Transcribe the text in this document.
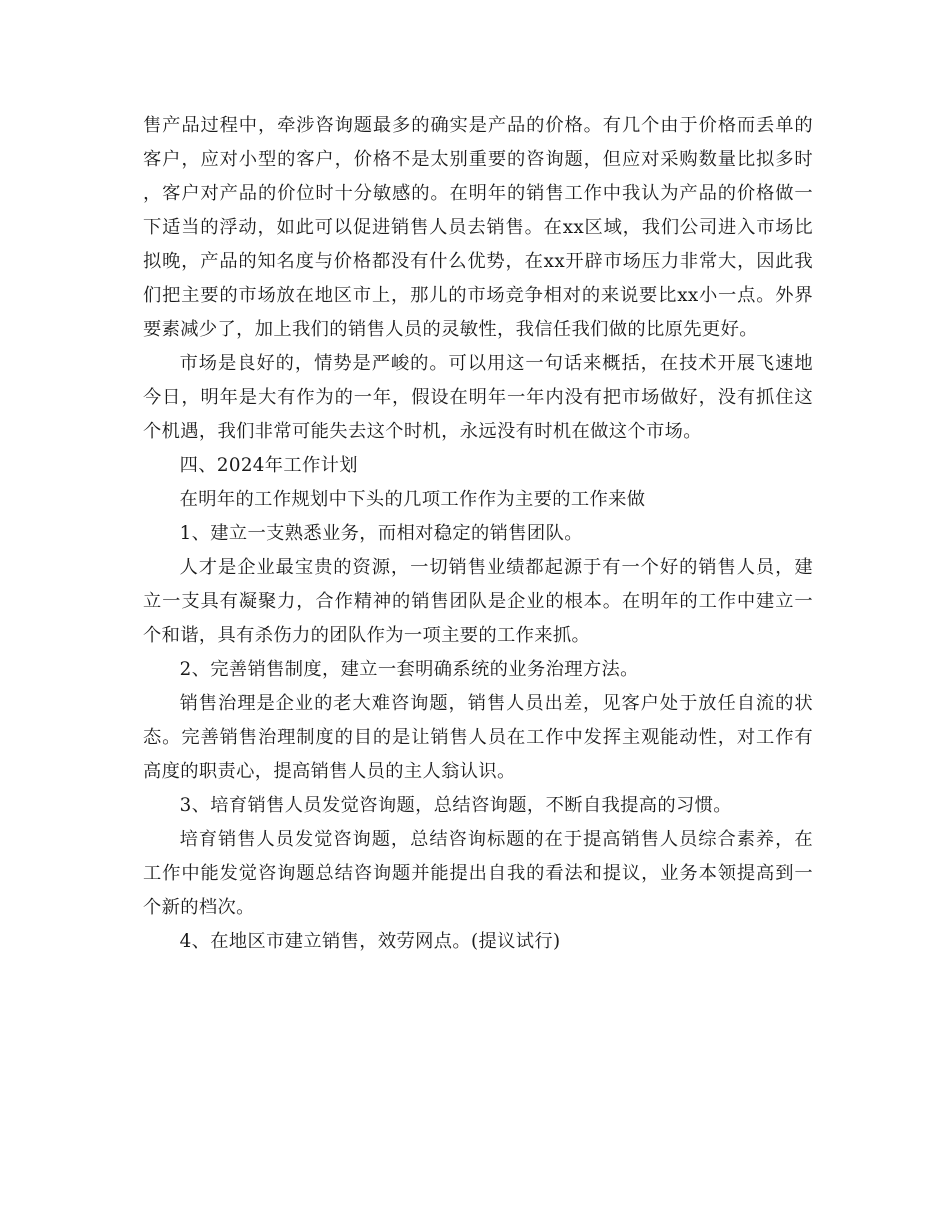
售产品过程中，牵涉咨询题最多的确实是产品的价格。有几个由于价格而丢单的客户，应对小型的客户，价格不是太别重要的咨询题，但应对采购数量比拟多时，客户对产品的价位时十分敏感的。在明年的销售工作中我认为产品的价格做一下适当的浮动，如此可以促进销售人员去销售。在xx区域，我们公司进入市场比拟晚，产品的知名度与价格都没有什么优势，在xx开辟市场压力非常大，因此我们把主要的市场放在地区市上，那儿的市场竞争相对的来说要比xx小一点。外界要素减少了，加上我们的销售人员的灵敏性，我信任我们做的比原先更好。

市场是良好的，情势是严峻的。可以用这一句话来概括，在技术开展飞速地今日，明年是大有作为的一年，假设在明年一年内没有把市场做好，没有抓住这个机遇，我们非常可能失去这个时机，永远没有时机在做这个市场。

四、2024年工作计划

在明年的工作规划中下头的几项工作作为主要的工作来做

1、建立一支熟悉业务，而相对稳定的销售团队。

人才是企业最宝贵的资源，一切销售业绩都起源于有一个好的销售人员，建立一支具有凝聚力，合作精神的销售团队是企业的根本。在明年的工作中建立一个和谐，具有杀伤力的团队作为一项主要的工作来抓。

2、完善销售制度，建立一套明确系统的业务治理方法。

销售治理是企业的老大难咨询题，销售人员出差，见客户处于放任自流的状态。完善销售治理制度的目的是让销售人员在工作中发挥主观能动性，对工作有高度的职责心，提高销售人员的主人翁认识。

3、培育销售人员发觉咨询题，总结咨询题，不断自我提高的习惯。

培育销售人员发觉咨询题，总结咨询标题的在于提高销售人员综合素养，在工作中能发觉咨询题总结咨询题并能提出自我的看法和提议，业务本领提高到一个新的档次。

4、在地区市建立销售，效劳网点。(提议试行)
